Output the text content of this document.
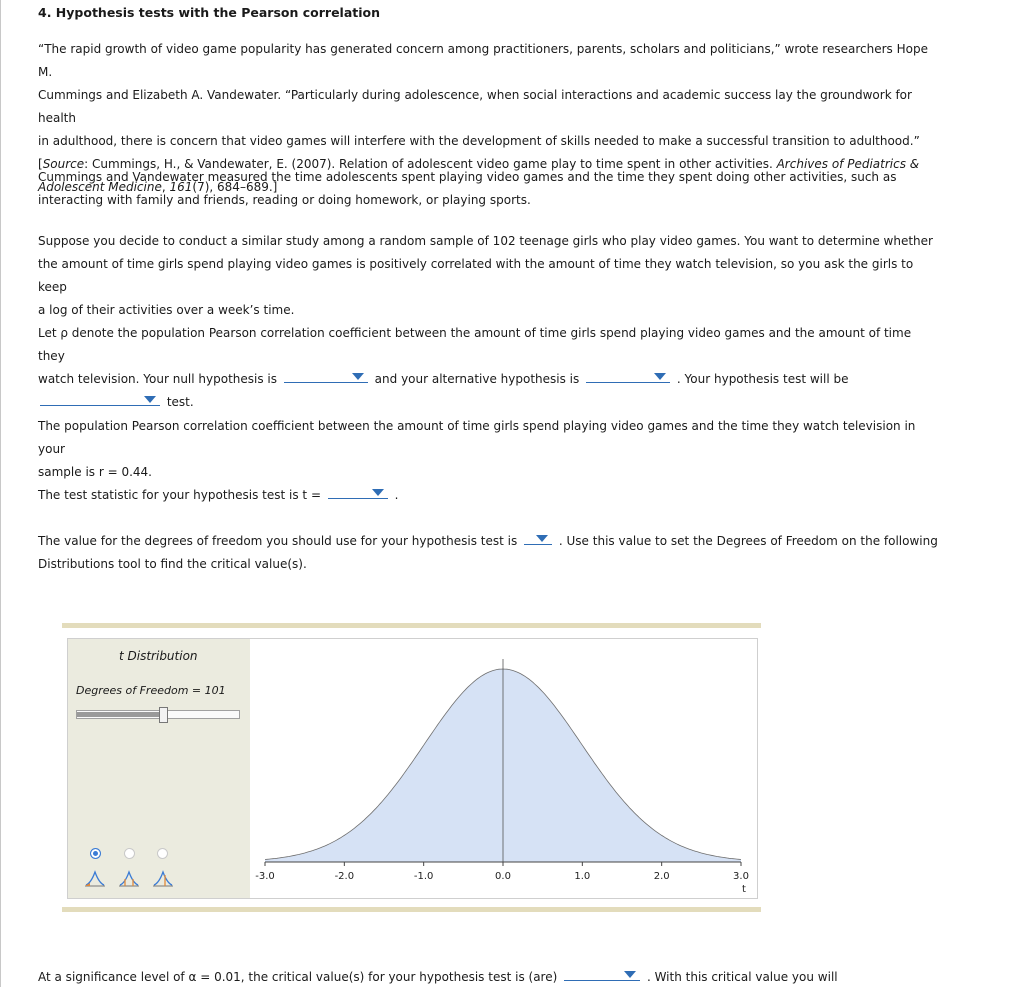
4. Hypothesis tests with the Pearson correlation
“The rapid growth of video game popularity has generated concern among practitioners, parents, scholars and politicians,” wrote researchers Hope M.
Cummings and Elizabeth A. Vandewater. “Particularly during adolescence, when social interactions and academic success lay the groundwork for health
in adulthood, there is concern that video games will interfere with the development of skills needed to make a successful transition to adulthood.”
[Source: Cummings, H., & Vandewater, E. (2007). Relation of adolescent video game play to time spent in other activities. Archives of Pediatrics &
Adolescent Medicine, 161(7), 684–689.]
Cummings and Vandewater measured the time adolescents spent playing video games and the time they spent doing other activities, such as
interacting with family and friends, reading or doing homework, or playing sports.
Suppose you decide to conduct a similar study among a random sample of 102 teenage girls who play video games. You want to determine whether
the amount of time girls spend playing video games is positively correlated with the amount of time they watch television, so you ask the girls to keep
a log of their activities over a week’s time.
Let ρ denote the population Pearson correlation coefficient between the amount of time girls spend playing video games and the amount of time they
watch television. Your null hypothesis is	and your alternative hypothesis is	. Your hypothesis test will be
test.
The population Pearson correlation coefficient between the amount of time girls spend playing video games and the time they watch television in your
sample is r = 0.44.
The test statistic for your hypothesis test is t =	.
The value for the degrees of freedom you should use for your hypothesis test is	. Use this value to set the Degrees of Freedom on the following
Distributions tool to find the critical value(s).
t Distribution
Degrees of Freedom = 101
-3.0	-2.0	-1.0	0.0	1.0	2.0	3.0
t
At a significance level of α = 0.01, the critical value(s) for your hypothesis test is (are)	. With this critical value you will
